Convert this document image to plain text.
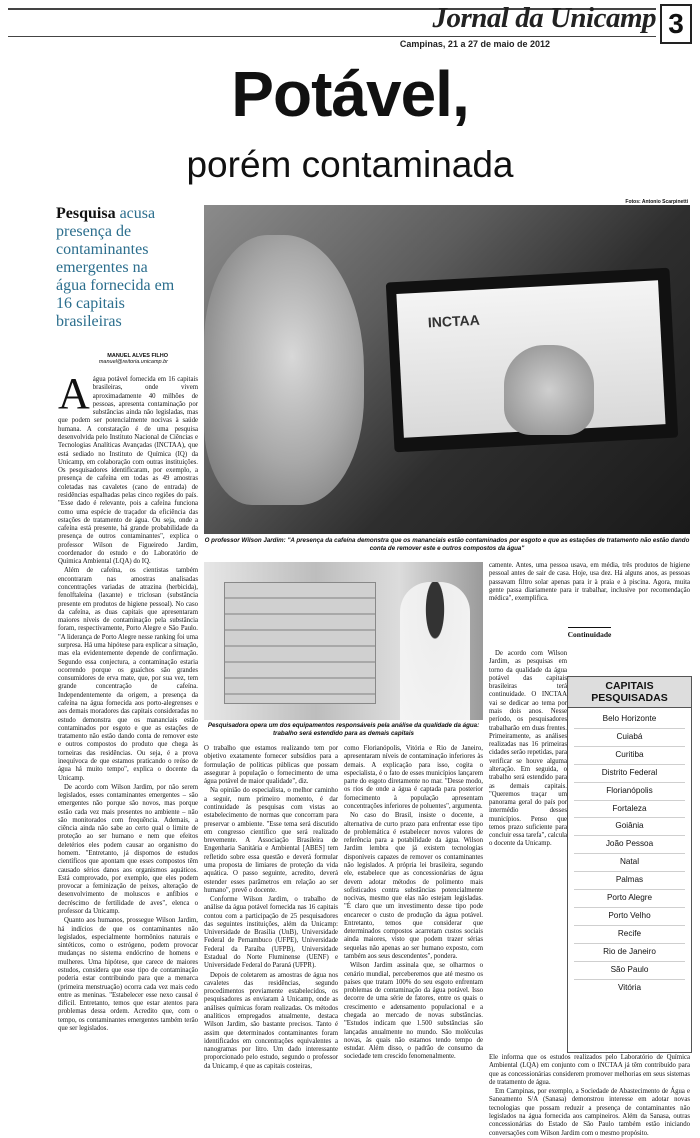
Jornal da Unicamp 3
Campinas, 21 a 27 de maio de 2012
Potável,
porém contaminada
Fotos: Antonio Scarpinetti
Pesquisa acusa presença de contaminantes emergentes na água fornecida em 16 capitais brasileiras
MANUEL ALVES FILHO
manuel@reitoria.unicamp.br
INCTAA
O professor Wilson Jardim: "A presença da cafeína demonstra que os mananciais estão contaminados por esgoto e que as estações de tratamento não estão dando conta de remover este e outros compostos da água"
Pesquisadora opera um dos equipamentos responsáveis pela análise da qualidade da água: trabalho será estendido para as demais capitais

Aágua potável fornecida em 16 capitais brasileiras, onde vivem aproximadamente 40 milhões de pessoas, apresenta contaminação por substâncias ainda não legisladas, mas que podem ser potencialmente nocivas à saúde humana. A constatação é de uma pesquisa desenvolvida pelo Instituto Nacional de Ciências e Tecnologias Analíticas Avançadas (INCTAA), que está sediado no Instituto de Química (IQ) da Unicamp, em colaboração com outras instituições. Os pesquisadores identificaram, por exemplo, a presença de cafeína em todas as 49 amostras coletadas nas cavaletes (cano de entrada) de residências espalhadas pelas cinco regiões do país. "Esse dado é relevante, pois a cafeína funciona como uma espécie de traçador da eficiência das estações de tratamento de água. Ou seja, onde a cafeína está presente, há grande probabilidade da presença de outros contaminantes", explica o professor Wilson de Figueiredo Jardim, coordenador do estudo e do Laboratório de Química Ambiental (LQA) do IQ.

Além de cafeína, os cientistas também encontraram nas amostras analisadas concentrações variadas de atrazina (herbicida), fenolftaleína (laxante) e triclosan (substância presente em produtos de higiene pessoal). No caso da cafeína, as duas capitais que apresentaram maiores níveis de contaminação pela substância foram, respectivamente, Porto Alegre e São Paulo. "A liderança de Porto Alegre nesse ranking foi uma surpresa. Há uma hipótese para explicar a situação, mas ela evidentemente depende de confirmação. Segundo essa conjectura, a contaminação estaria ocorrendo porque os guaíchos são grandes consumidores de erva mate, que, por sua vez, tem grande concentração de cafeína. Independentemente da origem, a presença da cafeína na água fornecida aos porto-alegrenses e aos demais moradores das capitais consideradas no estudo demonstra que os mananciais estão contaminados por esgoto e que as estações de tratamento não estão dando conta de remover este e outros compostos do produto que chega às torneiras das residências. Ou seja, é a prova inequívoca de que estamos praticando o reúso de água há muito tempo", explica o docente da Unicamp.

De acordo com Wilson Jardim, por não serem legislados, esses contaminantes emergentes – são emergentes não porque são novos, mas porque estão cada vez mais presentes no ambiente – não são monitorados com frequência. Ademais, a ciência ainda não sabe ao certo qual o limite de proteção ao ser humano e nem que efeitos deletérios eles podem causar ao organismo do homem. "Entretanto, já dispomos de estudos científicos que apontam que esses compostos têm causado sérios danos aos organismos aquáticos. Está comprovado, por exemplo, que eles podem provocar a feminização de peixes, alteração de desenvolvimento de moluscos e anfíbios e decréscimo de fertilidade de aves", elenca o professor da Unicamp.

Quanto aos humanos, prossegue Wilson Jardim, há indícios de que os contaminantes não legislados, especialmente hormônios naturais e sintéticos, como o estrógeno, podem provocar mudanças no sistema endócrino de homens e mulheres. Uma hipótese, que carece de maiores estudos, considera que esse tipo de contaminação poderia estar contribuindo para que a menarca (primeira menstruação) ocorra cada vez mais cedo entre as meninas. "Estabelecer esse nexo causal é difícil. Entretanto, temos que estar atentos para problemas dessa ordem. Acredito que, com o tempo, os contaminantes emergentes também terão que ser legislados.

O trabalho que estamos realizando tem por objetivo exatamente fornecer subsídios para a formulação de políticas públicas que possam assegurar à população o fornecimento de uma água potável de maior qualidade", diz.

Na opinião do especialista, o melhor caminho a seguir, num primeiro momento, é dar continuidade às pesquisas com vistas ao estabelecimento de normas que concorram para preservar o ambiente. "Esse tema será discutido em congresso científico que será realizado brevemente. A Associação Brasileira de Engenharia Sanitária e Ambiental [ABES] tem refletido sobre essa questão e deverá formular uma proposta de limiares de proteção da vida aquática. O passo seguinte, acredito, deverá estender esses parâmetros em relação ao ser humano", prevê o docente.

Conforme Wilson Jardim, o trabalho de análise da água potável fornecida nas 16 capitais contou com a participação de 25 pesquisadores das seguintes instituições, além da Unicamp: Universidade de Brasília (UnB), Universidade Federal de Pernambuco (UFPE), Universidade Federal da Paraíba (UFPB), Universidade Estadual do Norte Fluminense (UENF) e Universidade Federal do Paraná (UFPR).

Depois de coletarem as amostras de água nos cavaletes das residências, segundo procedimentos previamente estabelecidos, os pesquisadores as enviaram à Unicamp, onde as análises químicas foram realizadas. Os métodos analíticos empregados atualmente, destaca Wilson Jardim, são bastante precisos. Tanto é assim que determinados contaminantes foram identificados em concentrações equivalentes a nanogramas por litro. Um dado interessante proporcionado pelo estudo, segundo o professor da Unicamp, é que as capitais costeiras,

como Florianópolis, Vitória e Rio de Janeiro, apresentaram níveis de contaminação inferiores às demais. A explicação para isso, cogita o especialista, é o fato de esses municípios lançarem parte do esgoto diretamente no mar. "Desse modo, os rios de onde a água é captada para posterior fornecimento à população apresentam concentrações inferiores de poluentes", argumenta.

No caso do Brasil, insiste o docente, a alternativa de curto prazo para enfrentar esse tipo de problemática é estabelecer novos valores de referência para a potabilidade da água. Wilson Jardim lembra que já existem tecnologias disponíveis capazes de remover os contaminantes não legislados. A própria lei brasileira, segundo ele, estabelece que as concessionárias de água devem adotar métodos de polimento mais sofisticados contra substâncias potencialmente nocivas, mesmo que elas não estejam legisladas. "É claro que um investimento desse tipo pode encarecer o custo de produção da água potável. Entretanto, temos que considerar que determinados compostos acarretam custos sociais ainda maiores, visto que podem trazer sérias sequelas não apenas ao ser humano exposto, com também aos seus descendentes", pondera.

Wilson Jardim assinala que, se olharmos o cenário mundial, perceberemos que até mesmo os países que tratam 100% do seu esgoto enfrentam problemas de contaminação da água potável. Isso decorre de uma série de fatores, entre os quais o crescimento e adensamento populacional e a chegada ao mercado de novas substâncias. "Estudos indicam que 1.500 substâncias são lançadas anualmente no mundo. São moléculas novas, às quais não estamos tendo tempo de estudar. Além disso, o padrão de consumo da sociedade tem crescido fenomenalmente.

camente. Antes, uma pessoa usava, em média, três produtos de higiene pessoal antes de sair de casa. Hoje, usa dez. Há alguns anos, as pessoas passavam filtro solar apenas para ir à praia e à piscina. Agora, muita gente passa diariamente para ir trabalhar, inclusive por recomendação médica", exemplifica.

Continuidade

De acordo com Wilson Jardim, as pesquisas em torno da qualidade da água potável das capitais brasileiras terá continuidade. O INCTAA vai se dedicar ao tema por mais dois anos. Nesse período, os pesquisadores trabalharão em duas frentes. Primeiramente, as análises realizadas nas 16 primeiras cidades serão repetidas, para verificar se houve alguma alteração. Em seguida, o trabalho será estendido para as demais capitais. "Queremos traçar um panorama geral do país por intermédio desses municípios. Penso que temos prazo suficiente para concluir essa tarefa", calcula o docente da Unicamp.

Ele informa que os estudos realizados pelo Laboratório de Química Ambiental (LQA) em conjunto com o INCTAA já têm contribuído para que as concessionárias considerem promover melhorias em seus sistemas de tratamento de água.

Em Campinas, por exemplo, a Sociedade de Abastecimento de Água e Saneamento S/A (Sanasa) demonstrou interesse em adotar novas tecnologias que possam reduzir a presença de contaminantes não legislados na água fornecida aos campineiros. Além da Sanasa, outras concessionárias do Estado de São Paulo também estão iniciando conversações com Wilson Jardim com o mesmo propósito.

CAPITAIS PESQUISADAS
Belo Horizonte
Cuiabá
Curitiba
Distrito Federal
Florianópolis
Fortaleza
Goiânia
João Pessoa
Natal
Palmas
Porto Alegre
Porto Velho
Recife
Rio de Janeiro
São Paulo
Vitória
